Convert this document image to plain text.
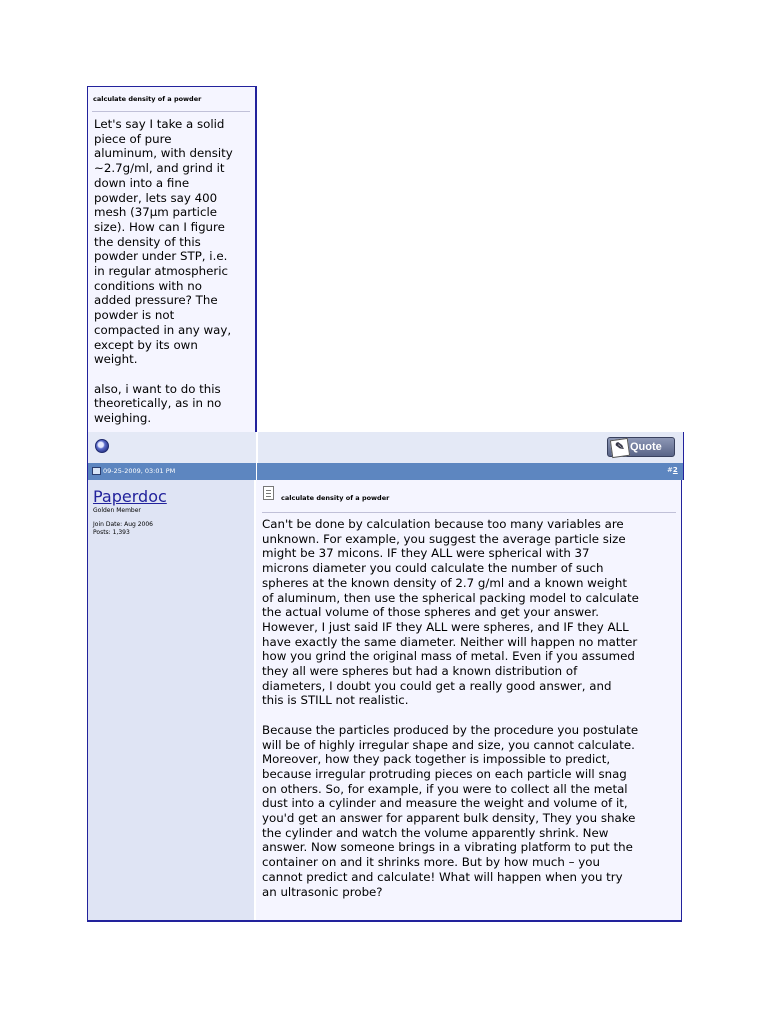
calculate density of a powder
Let's say I take a solid
piece of pure
aluminum, with density
~2.7g/ml, and grind it
down into a fine
powder, lets say 400
mesh (37µm particle
size). How can I figure
the density of this
powder under STP, i.e.
in regular atmospheric
conditions with no
added pressure? The
powder is not
compacted in any way,
except by its own
weight.

also, i want to do this
theoretically, as in no
weighing.
✎ Quote
09-25-2009, 03:01 PM	#2
Paperdoc
Golden Member
Join Date: Aug 2006
Posts: 1,393
calculate density of a powder
Can't be done by calculation because too many variables are
unknown. For example, you suggest the average particle size
might be 37 micons. IF they ALL were spherical with 37
microns diameter you could calculate the number of such
spheres at the known density of 2.7 g/ml and a known weight
of aluminum, then use the spherical packing model to calculate
the actual volume of those spheres and get your answer.
However, I just said IF they ALL were spheres, and IF they ALL
have exactly the same diameter. Neither will happen no matter
how you grind the original mass of metal. Even if you assumed
they all were spheres but had a known distribution of
diameters, I doubt you could get a really good answer, and
this is STILL not realistic.

Because the particles produced by the procedure you postulate
will be of highly irregular shape and size, you cannot calculate.
Moreover, how they pack together is impossible to predict,
because irregular protruding pieces on each particle will snag
on others. So, for example, if you were to collect all the metal
dust into a cylinder and measure the weight and volume of it,
you'd get an answer for apparent bulk density, They you shake
the cylinder and watch the volume apparently shrink. New
answer. Now someone brings in a vibrating platform to put the
container on and it shrinks more. But by how much – you
cannot predict and calculate! What will happen when you try
an ultrasonic probe?
